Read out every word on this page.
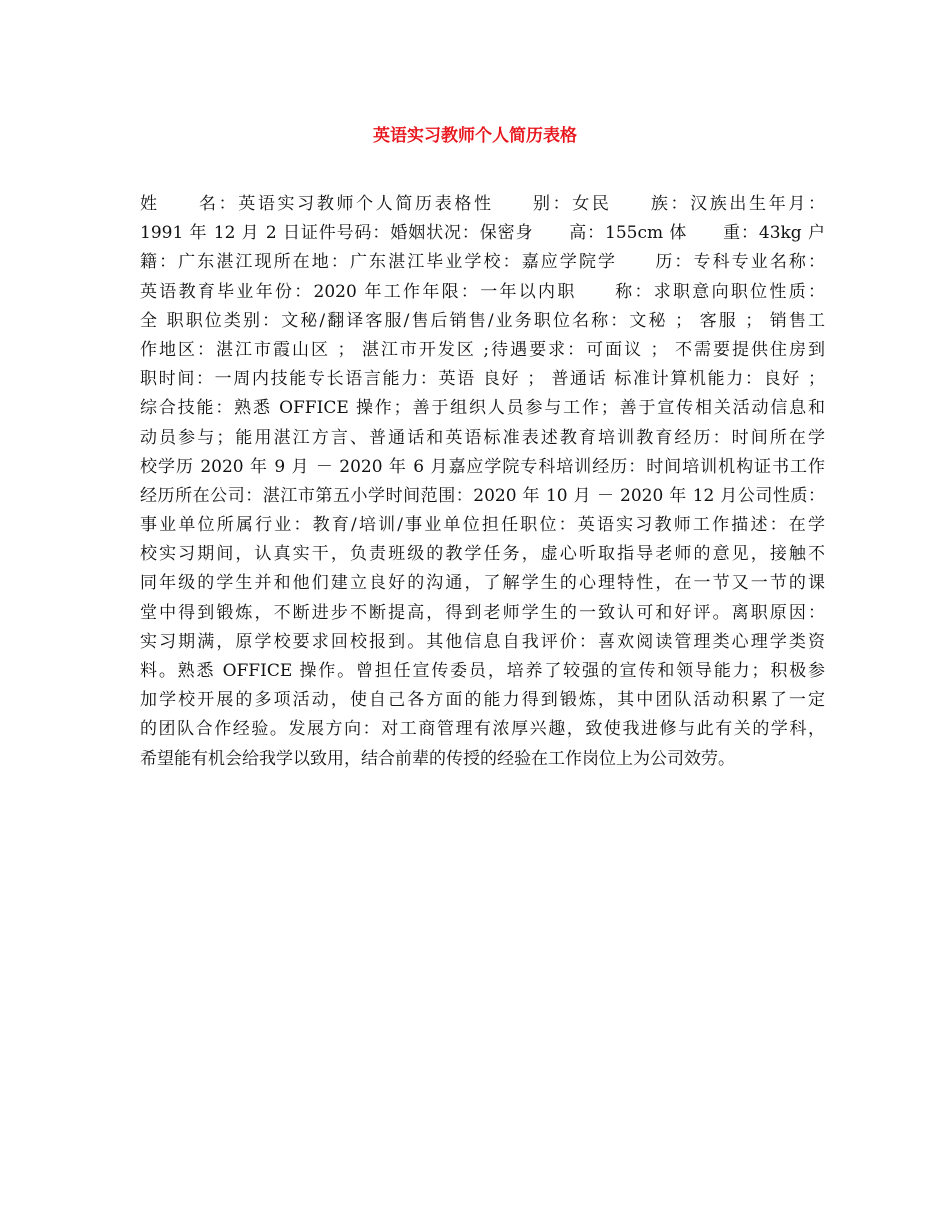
英语实习教师个人简历表格
姓　　名：英语实习教师个人简历表格性　　别：女民　　族：汉族出生年月：
1991 年 12 月 2 日证件号码：婚姻状况：保密身　　高：155cm 体　　重：43kg 户
籍：广东湛江现所在地：广东湛江毕业学校：嘉应学院学　　历：专科专业名称：
英语教育毕业年份：2020 年工作年限：一年以内职　　称：求职意向职位性质：
全 职职位类别：文秘/翻译客服/售后销售/业务职位名称：文秘 ； 客服 ； 销售工
作地区：湛江市霞山区 ； 湛江市开发区 ;待遇要求：可面议 ； 不需要提供住房到
职时间：一周内技能专长语言能力：英语 良好 ； 普通话 标准计算机能力：良好 ；
综合技能：熟悉 OFFICE 操作；善于组织人员参与工作；善于宣传相关活动信息和
动员参与；能用湛江方言、普通话和英语标准表述教育培训教育经历：时间所在学
校学历 2020 年 9 月 － 2020 年 6 月嘉应学院专科培训经历：时间培训机构证书工作
经历所在公司：湛江市第五小学时间范围：2020 年 10 月 － 2020 年 12 月公司性质：
事业单位所属行业：教育/培训/事业单位担任职位：英语实习教师工作描述：在学
校实习期间，认真实干，负责班级的教学任务，虚心听取指导老师的意见，接触不
同年级的学生并和他们建立良好的沟通，了解学生的心理特性，在一节又一节的课
堂中得到锻炼，不断进步不断提高，得到老师学生的一致认可和好评。离职原因：
实习期满，原学校要求回校报到。其他信息自我评价：喜欢阅读管理类心理学类资
料。熟悉 OFFICE 操作。曾担任宣传委员，培养了较强的宣传和领导能力；积极参
加学校开展的多项活动，使自己各方面的能力得到锻炼，其中团队活动积累了一定
的团队合作经验。发展方向：对工商管理有浓厚兴趣，致使我进修与此有关的学科，
希望能有机会给我学以致用，结合前辈的传授的经验在工作岗位上为公司效劳。
